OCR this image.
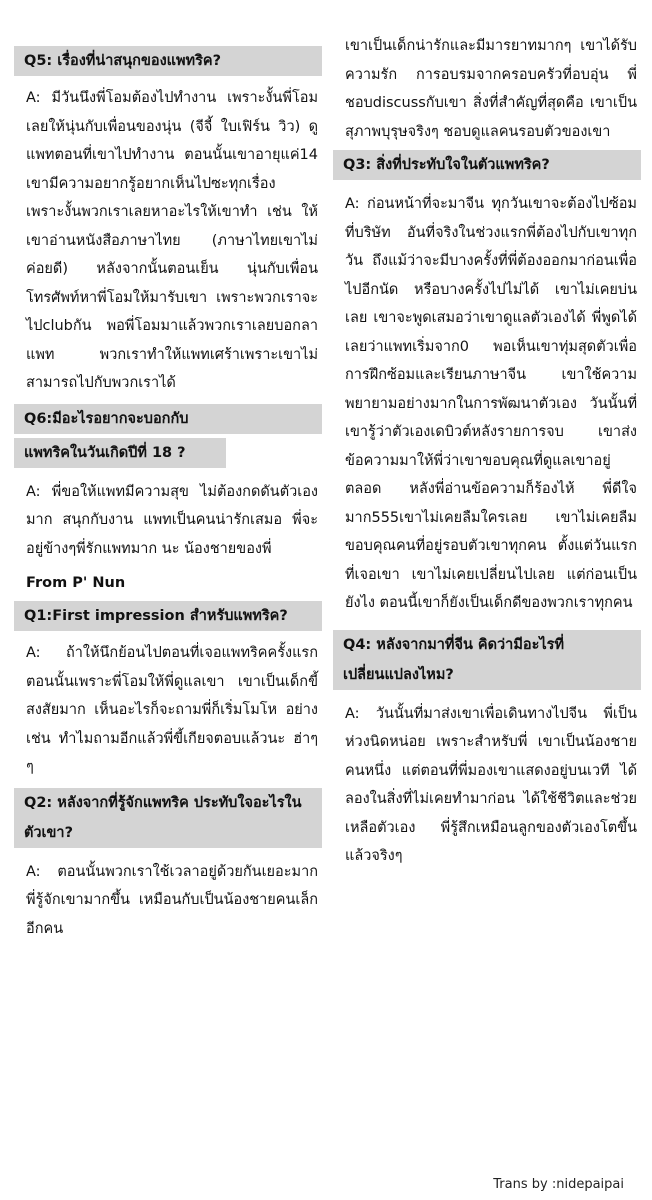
Q5: เรื่องที่น่าสนุกของแพทริค?
A: มีวันนึงพี่โอมต้องไปทำงาน เพราะงั้นพี่โอมเลยให้นุ่นกับเพื่อนของนุ่น (จีจี้ ใบเฟิร์น วิว) ดูแพทตอนที่เขาไปทำงาน ตอนนั้นเขาอายุแค่14 เขามีความอยากรู้อยากเห็นไปซะทุกเรื่อง เพราะงั้นพวกเราเลยหาอะไรให้เขาทำ เช่น ให้เขาอ่านหนังสือภาษาไทย (ภาษาไทยเขาไม่ค่อยดี) หลังจากนั้นตอนเย็น นุ่นกับเพื่อนโทรศัพท์หาพี่โอมให้มารับเขา เพราะพวกเราจะไปclubกัน พอพี่โอมมาแล้วพวกเราเลยบอกลาแพท พวกเราทำให้แพทเศร้าเพราะเขาไม่สามารถไปกับพวกเราได้
Q6:มีอะไรอยากจะบอกกับ
แพทริคในวันเกิดปีที่ 18 ?
A: พี่ขอให้แพทมีความสุข ไม่ต้องกดดันตัวเองมาก สนุกกับงาน แพทเป็นคนน่ารักเสมอ พี่จะอยู่ข้างๆพี่รักแพทมาก นะ น้องชายของพี่
From P' Nun
Q1:First impression สำหรับแพทริค?
A: ถ้าให้นึกย้อนไปตอนที่เจอแพทริคครั้งแรก ตอนนั้นเพราะพี่โอมให้พี่ดูแลเขา เขาเป็นเด็กขี้สงสัยมาก เห็นอะไรก็จะถามพี่ก็เริ่มโมโห อย่างเช่น ทำไมถามอีกแล้วพี่ขี้เกียจตอบแล้วนะ ฮ่าๆๆ
Q2: หลังจากที่รู้จักแพทริค ประทับใจอะไรในตัวเขา?
A: ตอนนั้นพวกเราใช้เวลาอยู่ด้วยกันเยอะมาก พี่รู้จักเขามากขึ้น เหมือนกับเป็นน้องชายคนเล็กอีกคน
เขาเป็นเด็กน่ารักและมีมารยาทมากๆ เขาได้รับความรัก การอบรมจากครอบครัวที่อบอุ่น พี่ชอบdiscussกับเขา สิ่งที่สำคัญที่สุดคือ เขาเป็นสุภาพบุรุษจริงๆ ชอบดูแลคนรอบตัวของเขา
Q3: สิ่งที่ประทับใจในตัวแพทริค?
A: ก่อนหน้าที่จะมาจีน ทุกวันเขาจะต้องไปซ้อมที่บริษัท อันที่จริงในช่วงแรกพี่ต้องไปกับเขาทุกวัน ถึงแม้ว่าจะมีบางครั้งที่พี่ต้องออกมาก่อนเพื่อไปอีกนัด หรือบางครั้งไปไม่ได้ เขาไม่เคยบ่นเลย เขาจะพูดเสมอว่าเขาดูแลตัวเองได้ พี่พูดได้เลยว่าแพทเริ่มจาก0 พอเห็นเขาทุ่มสุดตัวเพื่อการฝึกซ้อมและเรียนภาษาจีน เขาใช้ความพยายามอย่างมากในการพัฒนาตัวเอง วันนั้นที่เขารู้ว่าตัวเองเดบิวต์หลังรายการจบ เขาส่งข้อความมาให้พี่ว่าเขาขอบคุณที่ดูแลเขาอยู่ตลอด หลังพี่อ่านข้อความก็ร้องไห้ พี่ดีใจมาก555เขาไม่เคยลืมใครเลย เขาไม่เคยลืมขอบคุณคนที่อยู่รอบตัวเขาทุกคน ตั้งแต่วันแรกที่เจอเขา เขาไม่เคยเปลี่ยนไปเลย แต่ก่อนเป็นยังไง ตอนนี้เขาก็ยังเป็นเด็กดีของพวกเราทุกคน
Q4: หลังจากมาที่จีน คิดว่ามีอะไรที่เปลี่ยนแปลงไหม?
A: วันนั้นที่มาส่งเขาเพื่อเดินทางไปจีน พี่เป็นห่วงนิดหน่อย เพราะสำหรับพี่ เขาเป็นน้องชายคนหนึ่ง แต่ตอนที่พี่มองเขาแสดงอยู่บนเวที ได้ลองในสิ่งที่ไม่เคยทำมาก่อน ได้ใช้ชีวิตและช่วยเหลือตัวเอง พี่รู้สึกเหมือนลูกของตัวเองโตขึ้นแล้วจริงๆ
Trans by :nidepaipai
